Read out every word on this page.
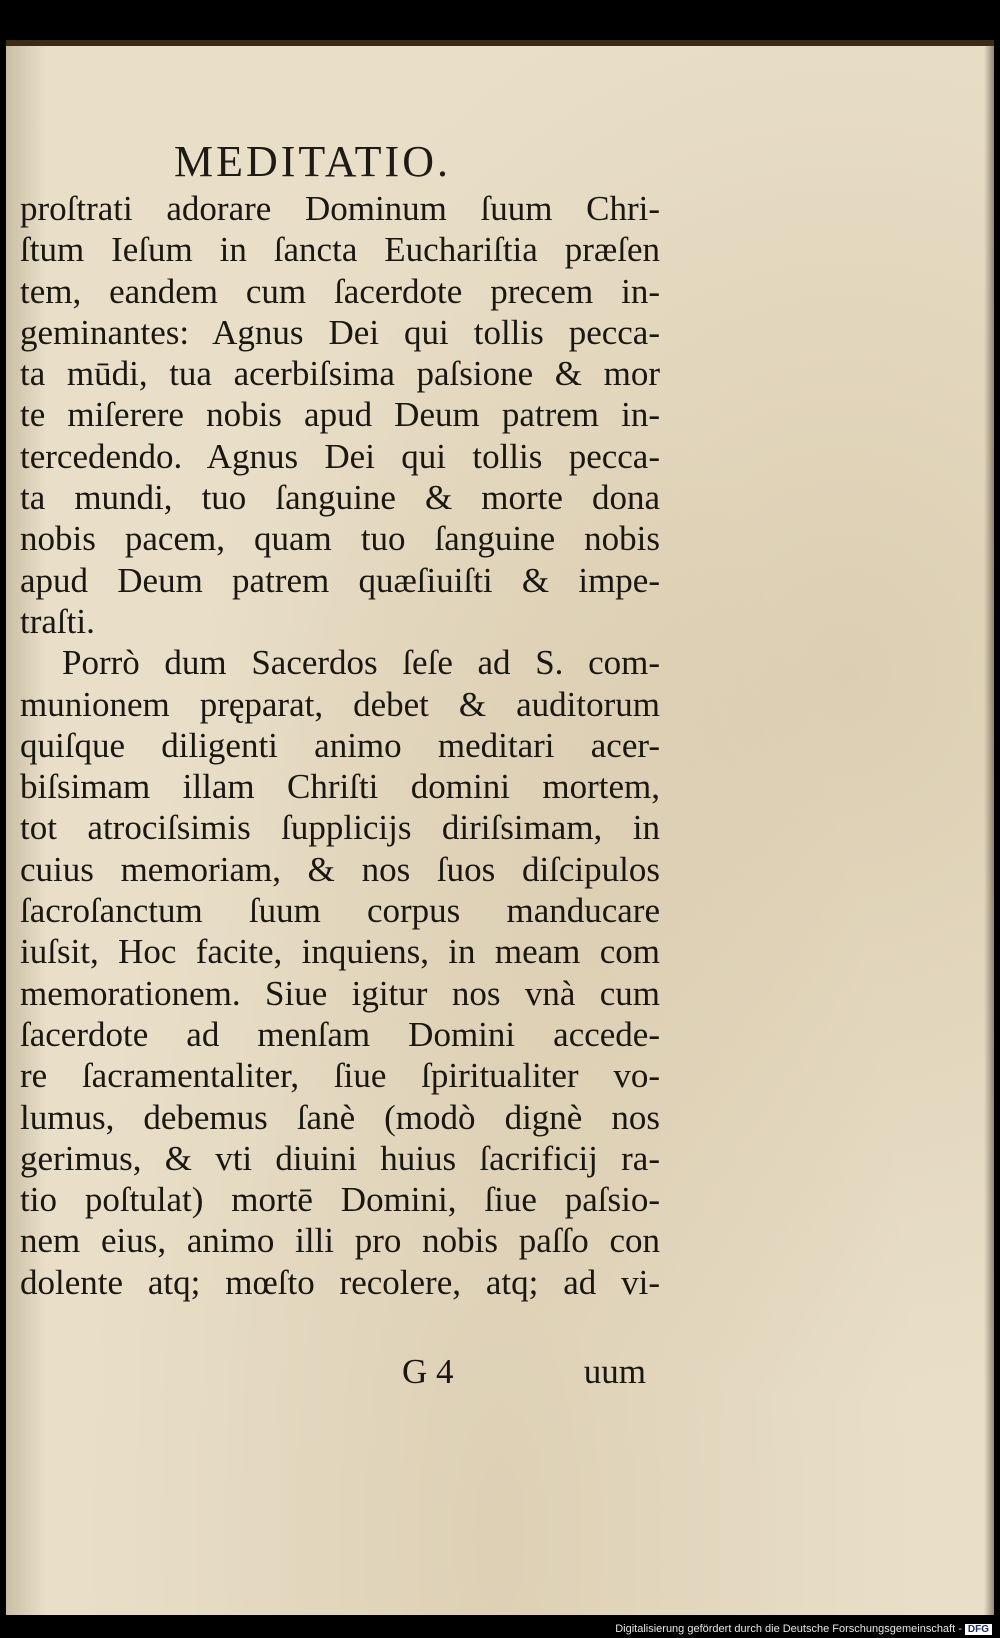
MEDITATIO.
proſtrati adorare Dominum ſuum Chri-
ſtum Ieſum in ſancta Euchariſtia præſen
tem, eandem cum ſacerdote precem in-
geminantes: Agnus Dei qui tollis pecca-
ta mūdi, tua acerbiſsima paſsione & mor
te miſerere nobis apud Deum patrem in-
tercedendo. Agnus Dei qui tollis pecca-
ta mundi, tuo ſanguine & morte dona
nobis pacem, quam tuo ſanguine nobis
apud Deum patrem quæſiuiſti & impe-
traſti.
Porrò dum Sacerdos ſeſe ad S. com-
munionem pręparat, debet & auditorum
quiſque diligenti animo meditari acer-
biſsimam illam Chriſti domini mortem,
tot atrociſsimis ſupplicijs diriſsimam, in
cuius memoriam, & nos ſuos diſcipulos
ſacroſanctum ſuum corpus manducare
iuſsit, Hoc facite, inquiens, in meam com
memorationem. Siue igitur nos vnà cum
ſacerdote ad menſam Domini accede-
re ſacramentaliter, ſiue ſpiritualiter vo-
lumus, debemus ſanè (modò dignè nos
gerimus, & vti diuini huius ſacrificij ra-
tio poſtulat) mortē Domini, ſiue paſsio-
nem eius, animo illi pro nobis paſſo con
dolente atq; mœſto recolere, atq; ad vi-
G 4	uum
Digitalisierung gefördert durch die Deutsche Forschungsgemeinschaft - DFG
